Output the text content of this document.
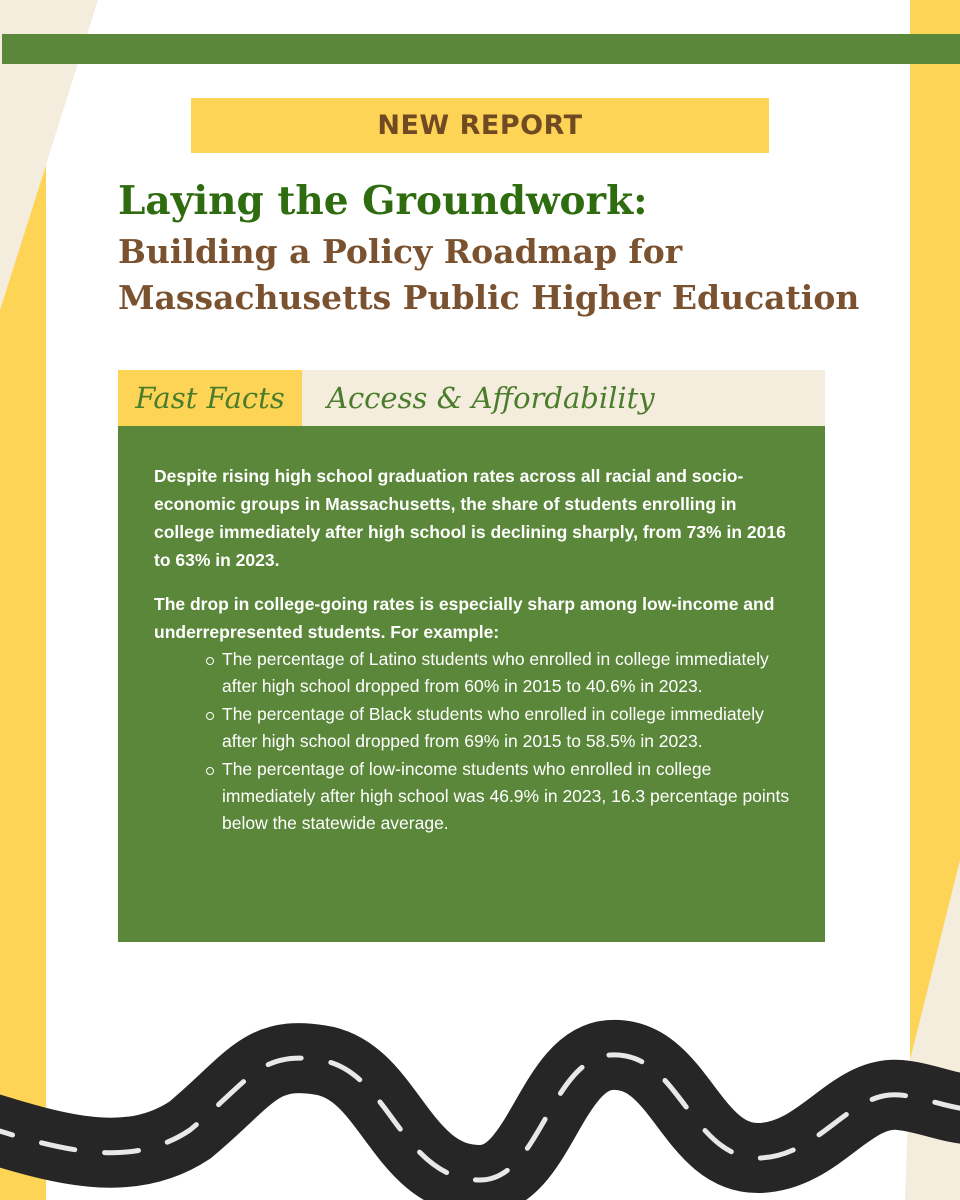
NEW REPORT
Laying the Groundwork:
Building a Policy Roadmap for
Massachusetts Public Higher Education
Fast Facts	Access & Affordability

Despite rising high school graduation rates across all racial and socio-economic groups in Massachusetts, the share of students enrolling in college immediately after high school is declining sharply, from 73% in 2016 to 63% in 2023.

The drop in college-going rates is especially sharp among low-income and underrepresented students. For example:

The percentage of Latino students who enrolled in college immediately after high school dropped from 60% in 2015 to 40.6% in 2023.
The percentage of Black students who enrolled in college immediately after high school dropped from 69% in 2015 to 58.5% in 2023.
The percentage of low-income students who enrolled in college immediately after high school was 46.9% in 2023, 16.3 percentage points below the statewide average.
